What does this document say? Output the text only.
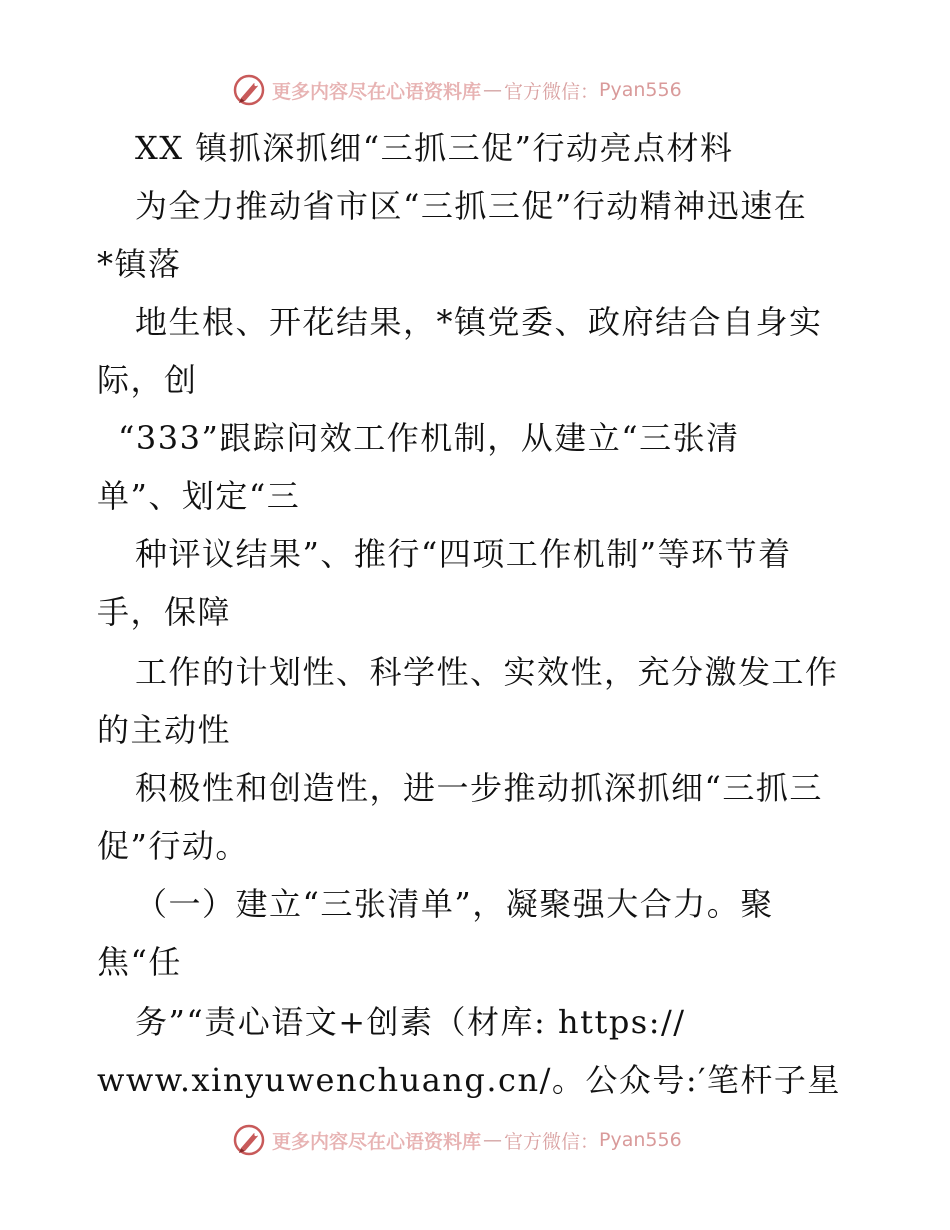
更多内容尽在心语资料库 — 官方微信： Pyan556
XX 镇抓深抓细“三抓三促”行动亮点材料
为全力推动省市区“三抓三促”行动精神迅速在
*镇落
地生根、开花结果，*镇党委、政府结合自身实
际，创
“333”跟踪问效工作机制，从建立“三张清
单”、划定“三
种评议结果”、推行“四项工作机制”等环节着
手，保障
工作的计划性、科学性、实效性，充分激发工作
的主动性
积极性和创造性，进一步推动抓深抓细“三抓三
促”行动。
（一）建立“三张清单”，凝聚强大合力。聚
焦“任
务”“责心语文+创素（材库: https://
www.xinyuwenchuang.cn/。公众号:′笔杆子星
更多内容尽在心语资料库 — 官方微信： Pyan556
